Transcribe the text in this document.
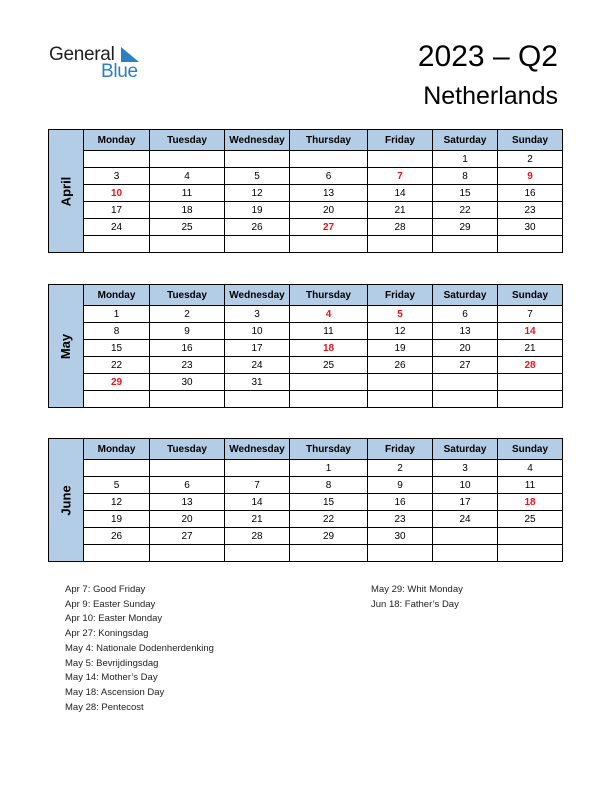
General
Blue	2023 – Q2
Netherlands
April	Monday	Tuesday	Wednesday	Thursday	Friday	Saturday	Sunday
						1	2
	3	4	5	6	7	8	9
	10	11	12	13	14	15	16
	17	18	19	20	21	22	23
	24	25	26	27	28	29	30

May	Monday	Tuesday	Wednesday	Thursday	Friday	Saturday	Sunday
	1	2	3	4	5	6	7
	8	9	10	11	12	13	14
	15	16	17	18	19	20	21
	22	23	24	25	26	27	28
	29	30	31				

June	Monday	Tuesday	Wednesday	Thursday	Friday	Saturday	Sunday
				1	2	3	4
	5	6	7	8	9	10	11
	12	13	14	15	16	17	18
	19	20	21	22	23	24	25
	26	27	28	29	30		

Apr 7: Good Friday
Apr 9: Easter Sunday
Apr 10: Easter Monday
Apr 27: Koningsdag
May 4: Nationale Dodenherdenking
May 5: Bevrijdingsdag
May 14: Mother’s Day
May 18: Ascension Day
May 28: Pentecost
May 29: Whit Monday
Jun 18: Father’s Day
